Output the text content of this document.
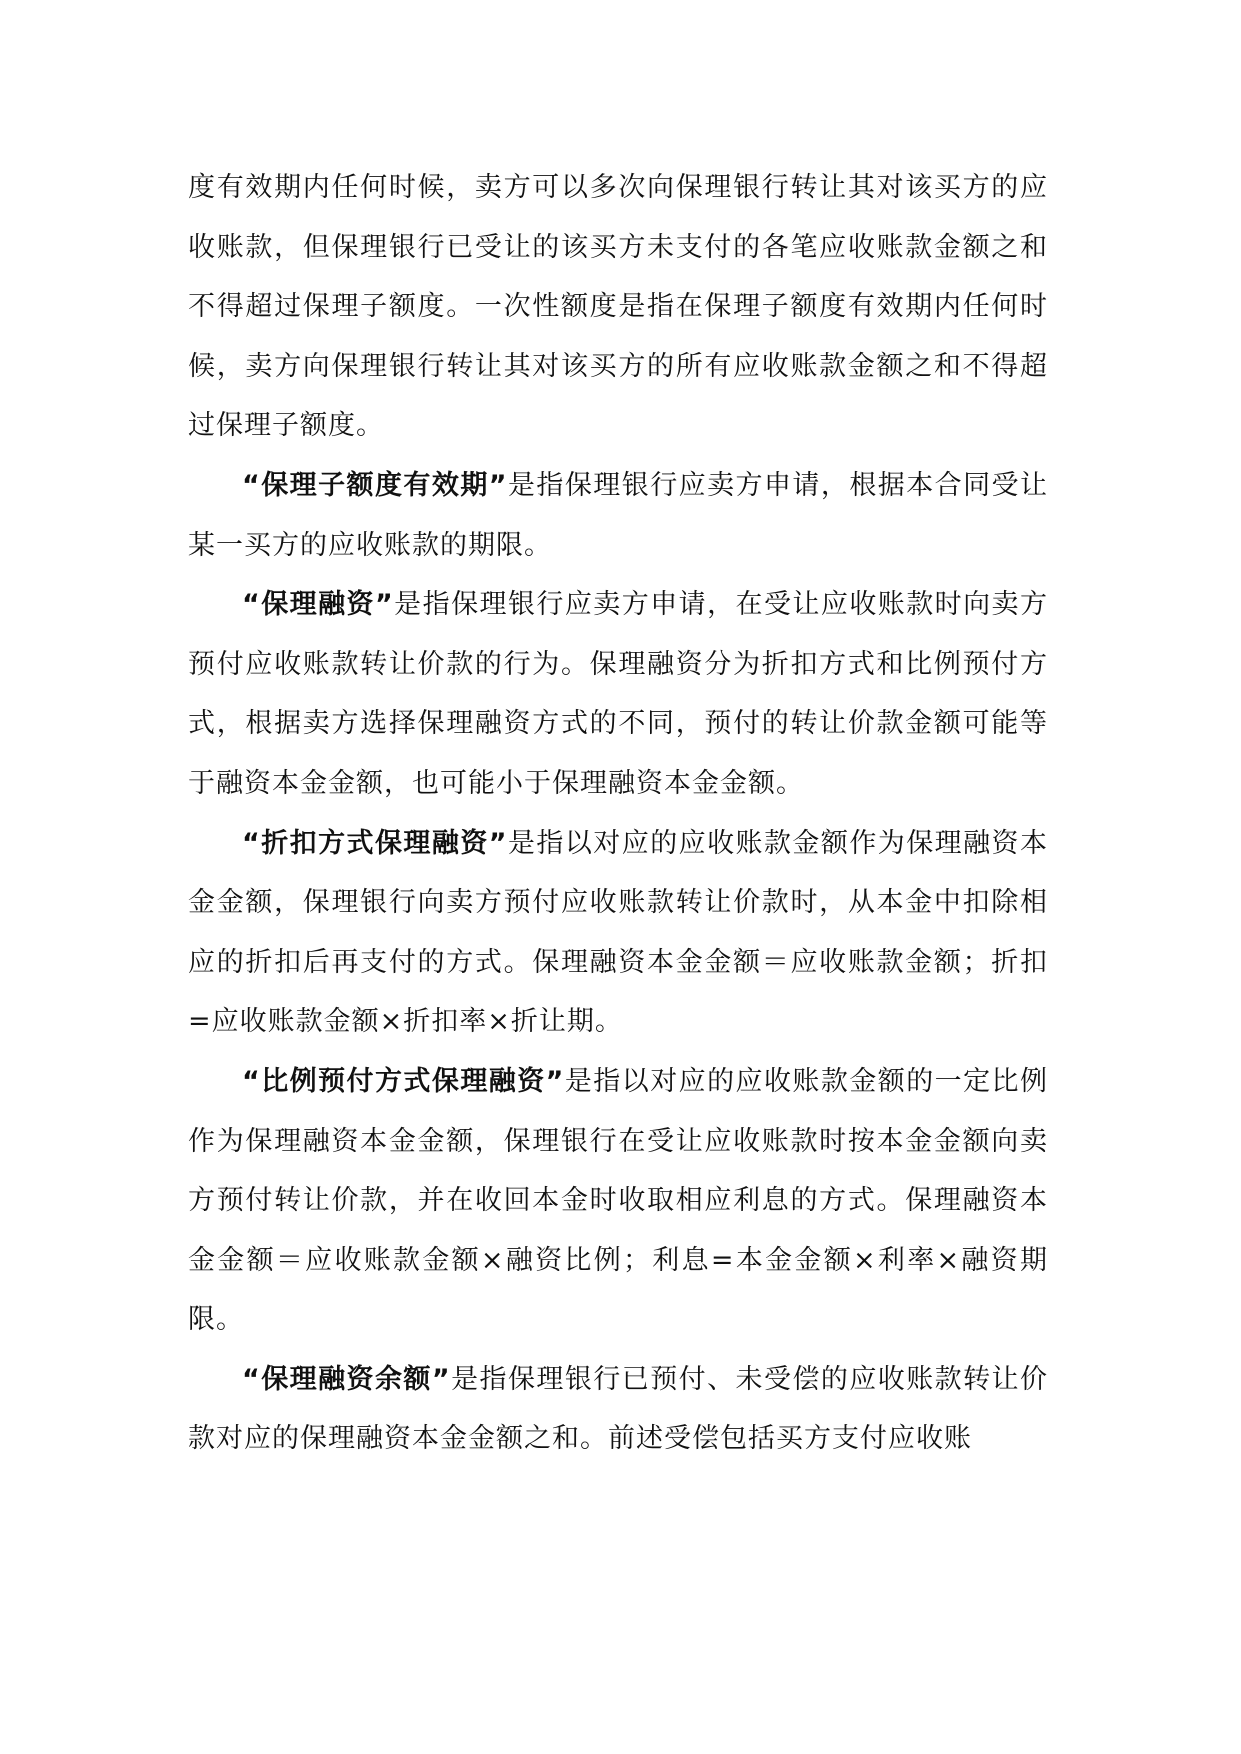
度有效期内任何时候，卖方可以多次向保理银行转让其对该买方的应收账款，但保理银行已受让的该买方未支付的各笔应收账款金额之和不得超过保理子额度。一次性额度是指在保理子额度有效期内任何时候，卖方向保理银行转让其对该买方的所有应收账款金额之和不得超过保理子额度。

“保理子额度有效期”是指保理银行应卖方申请，根据本合同受让某一买方的应收账款的期限。

“保理融资”是指保理银行应卖方申请，在受让应收账款时向卖方预付应收账款转让价款的行为。保理融资分为折扣方式和比例预付方式，根据卖方选择保理融资方式的不同，预付的转让价款金额可能等于融资本金金额，也可能小于保理融资本金金额。

“折扣方式保理融资”是指以对应的应收账款金额作为保理融资本金金额，保理银行向卖方预付应收账款转让价款时，从本金中扣除相应的折扣后再支付的方式。保理融资本金金额＝应收账款金额；折扣=应收账款金额×折扣率×折让期。

“比例预付方式保理融资”是指以对应的应收账款金额的一定比例作为保理融资本金金额，保理银行在受让应收账款时按本金金额向卖方预付转让价款，并在收回本金时收取相应利息的方式。保理融资本金金额＝应收账款金额×融资比例；利息=本金金额×利率×融资期限。

“保理融资余额”是指保理银行已预付、未受偿的应收账款转让价款对应的保理融资本金金额之和。前述受偿包括买方支付应收账
